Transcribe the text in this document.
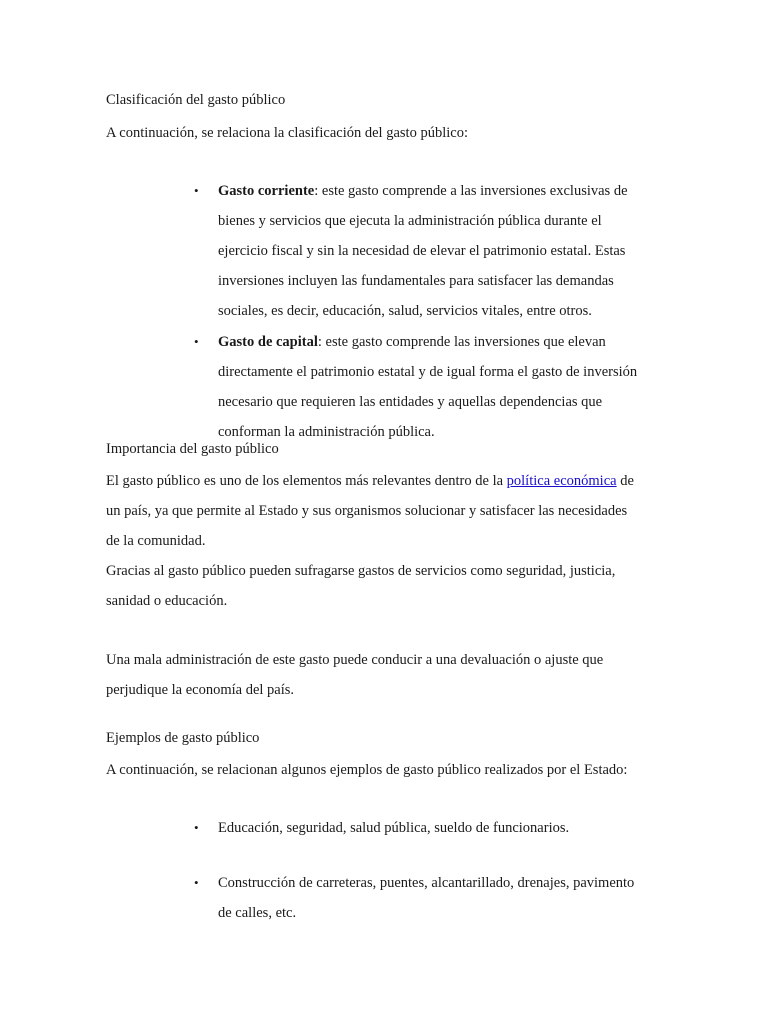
Clasificación del gasto público

A continuación, se relaciona la clasificación del gasto público:

• Gasto corriente: este gasto comprende a las inversiones exclusivas de
bienes y servicios que ejecuta la administración pública durante el
ejercicio fiscal y sin la necesidad de elevar el patrimonio estatal. Estas
inversiones incluyen las fundamentales para satisfacer las demandas
sociales, es decir, educación, salud, servicios vitales, entre otros.
• Gasto de capital: este gasto comprende las inversiones que elevan
directamente el patrimonio estatal y de igual forma el gasto de inversión
necesario que requieren las entidades y aquellas dependencias que
conforman la administración pública.

Importancia del gasto público

El gasto público es uno de los elementos más relevantes dentro de la política económica de
un país, ya que permite al Estado y sus organismos solucionar y satisfacer las necesidades
de la comunidad.
Gracias al gasto público pueden sufragarse gastos de servicios como seguridad, justicia,
sanidad o educación.
Una mala administración de este gasto puede conducir a una devaluación o ajuste que
perjudique la economía del país.

Ejemplos de gasto público

A continuación, se relacionan algunos ejemplos de gasto público realizados por el Estado:

• Educación, seguridad, salud pública, sueldo de funcionarios.
• Construcción de carreteras, puentes, alcantarillado, drenajes, pavimento
de calles, etc.
